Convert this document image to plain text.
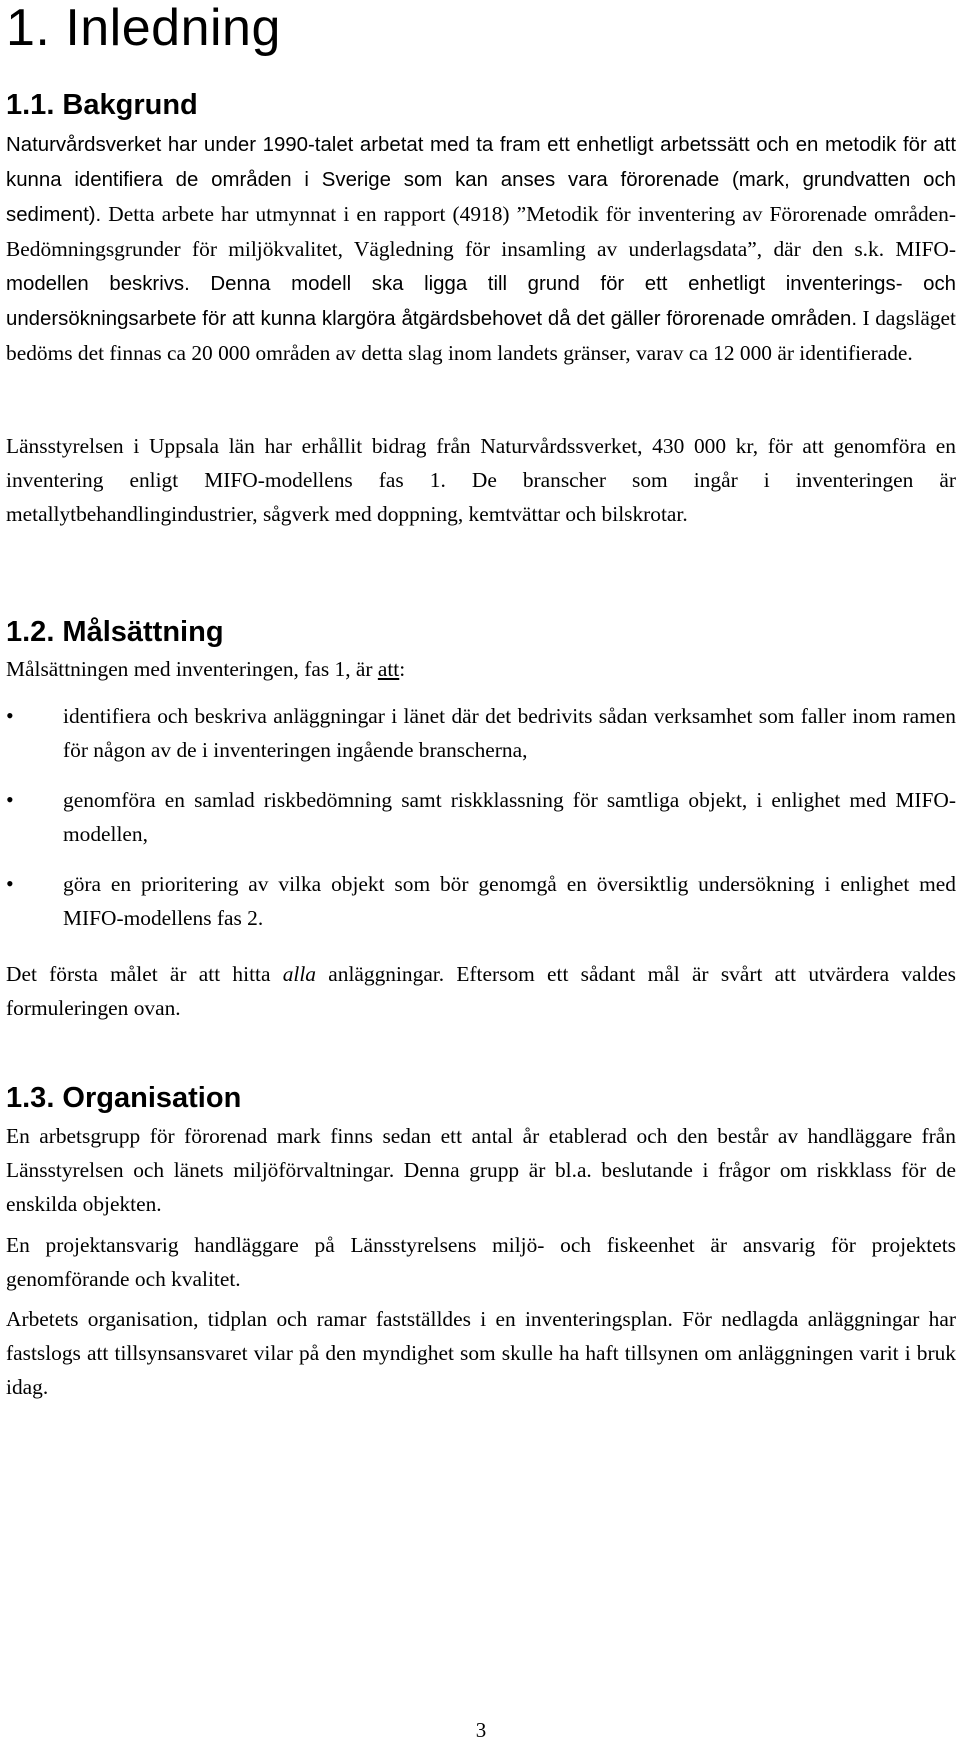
1. Inledning
1.1. Bakgrund

Naturvårdsverket har under 1990-talet arbetat med ta fram ett enhetligt arbetssätt och en metodik för att kunna identifiera de områden i Sverige som kan anses vara förorenade (mark, grundvatten och sediment). Detta arbete har utmynnat i en rapport (4918) ”Metodik för inventering av Förorenade områden-Bedömningsgrunder för miljökvalitet, Vägledning för insamling av underlagsdata”, där den s.k. MIFO-modellen beskrivs. Denna modell ska ligga till grund för ett enhetligt inventerings- och undersökningsarbete för att kunna klargöra åtgärdsbehovet då det gäller förorenade områden. I dagsläget bedöms det finnas ca 20 000 områden av detta slag inom landets gränser, varav ca 12 000 är identifierade.

Länsstyrelsen i Uppsala län har erhållit bidrag från Naturvårdssverket, 430 000 kr, för att genomföra en inventering enligt MIFO-modellens fas 1. De branscher som ingår i inventeringen är metallytbehandlingindustrier, sågverk med doppning, kemtvättar och bilskrotar.

1.2. Målsättning

Målsättningen med inventeringen, fas 1, är att:

• identifiera och beskriva anläggningar i länet där det bedrivits sådan verksamhet som faller inom ramen för någon av de i inventeringen ingående branscherna,
• genomföra en samlad riskbedömning samt riskklassning för samtliga objekt, i enlighet med MIFO-modellen,
• göra en prioritering av vilka objekt som bör genomgå en översiktlig undersökning i enlighet med MIFO-modellens fas 2.

Det första målet är att hitta alla anläggningar. Eftersom ett sådant mål är svårt att utvärdera valdes formuleringen ovan.

1.3. Organisation

En arbetsgrupp för förorenad mark finns sedan ett antal år etablerad och den består av handläggare från Länsstyrelsen och länets miljöförvaltningar. Denna grupp är bl.a. beslutande i frågor om riskklass för de enskilda objekten.

En projektansvarig handläggare på Länsstyrelsens miljö- och fiskeenhet är ansvarig för projektets genomförande och kvalitet.

Arbetets organisation, tidplan och ramar fastställdes i en inventeringsplan. För nedlagda anläggningar har fastslogs att tillsynsansvaret vilar på den myndighet som skulle ha haft tillsynen om anläggningen varit i bruk idag.

3
